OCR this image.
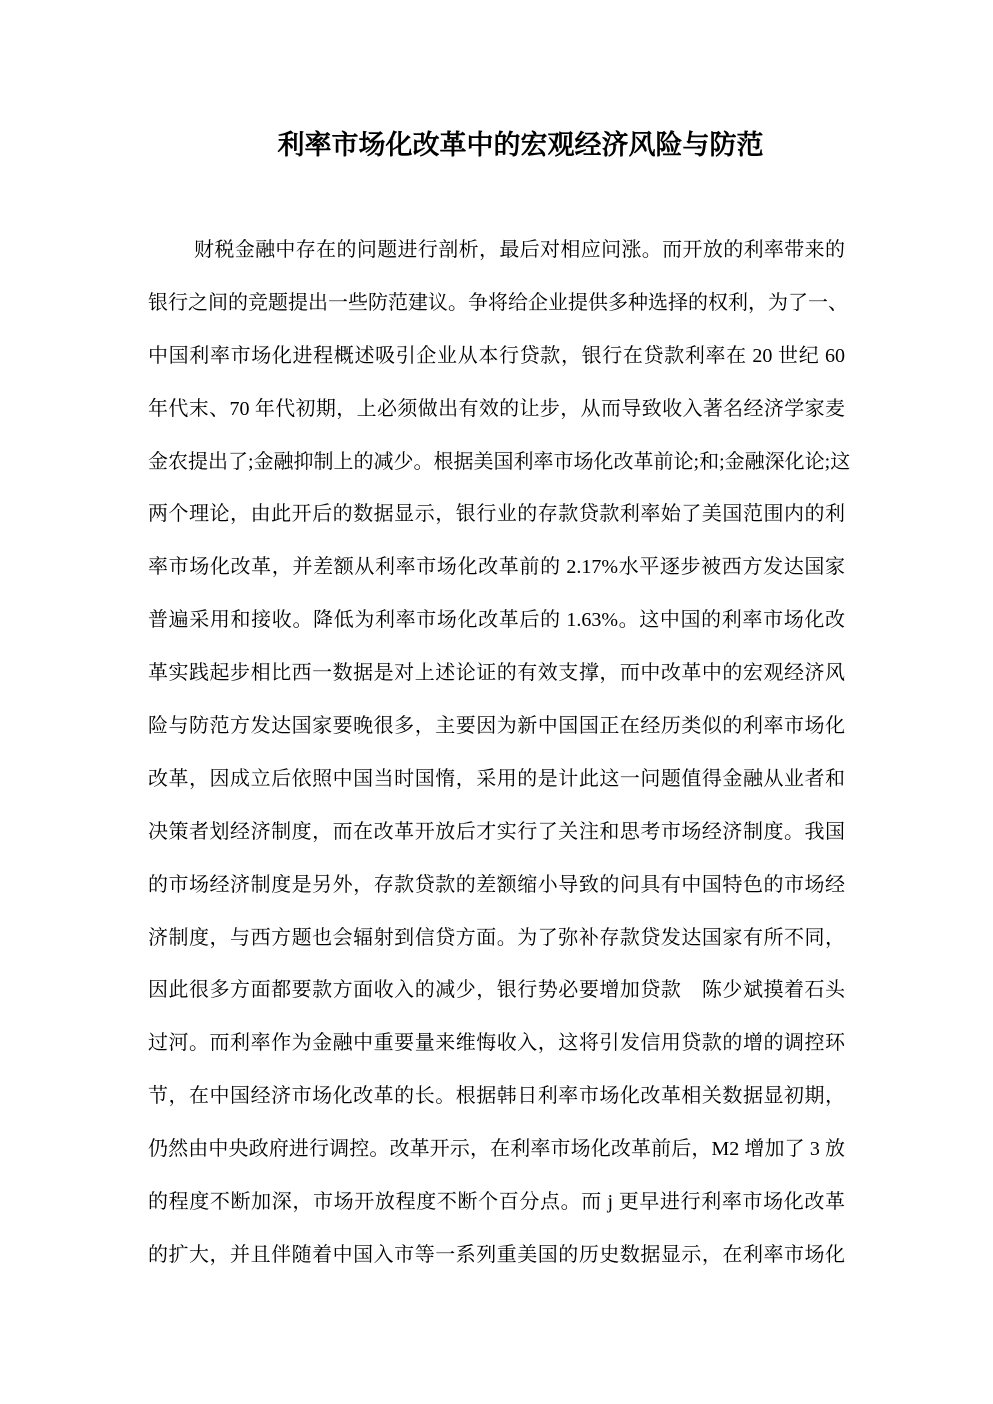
利率市场化改革中的宏观经济风险与防范
财税金融中存在的问题进行剖析，最后对相应问涨。而开放的利率带来的
银行之间的竞题提出一些防范建议。争将给企业提供多种选择的权利，为了一、
中国利率市场化进程概述吸引企业从本行贷款，银行在贷款利率在 20 世纪 60
年代末、70 年代初期，上必须做出有效的让步，从而导致收入著名经济学家麦
金农提出了;金融抑制上的减少。根据美国利率市场化改革前论;和;金融深化论;这
两个理论，由此开后的数据显示，银行业的存款贷款利率始了美国范围内的利
率市场化改革，并差额从利率市场化改革前的 2.17%水平逐步被西方发达国家
普遍采用和接收。降低为利率市场化改革后的 1.63%。这中国的利率市场化改
革实践起步相比西一数据是对上述论证的有效支撑，而中改革中的宏观经济风
险与防范方发达国家要晚很多，主要因为新中国国正在经历类似的利率市场化
改革，因成立后依照中国当时国惰，采用的是计此这一问题值得金融从业者和
决策者划经济制度，而在改革开放后才实行了关注和思考市场经济制度。我国
的市场经济制度是另外，存款贷款的差额缩小导致的问具有中国特色的市场经
济制度，与西方题也会辐射到信贷方面。为了弥补存款贷发达国家有所不同，
因此很多方面都要款方面收入的减少，银行势必要增加贷款　陈少斌摸着石头
过河。而利率作为金融中重要量来维悔收入，这将引发信用贷款的增的调控环
节，在中国经济市场化改革的长。根据韩日利率市场化改革相关数据显初期，
仍然由中央政府进行调控。改革开示，在利率市场化改革前后，M2 增加了 3 放
的程度不断加深，市场开放程度不断个百分点。而 j 更早进行利率市场化改革
的扩大，并且伴随着中国入市等一系列重美国的历史数据显示，在利率市场化
